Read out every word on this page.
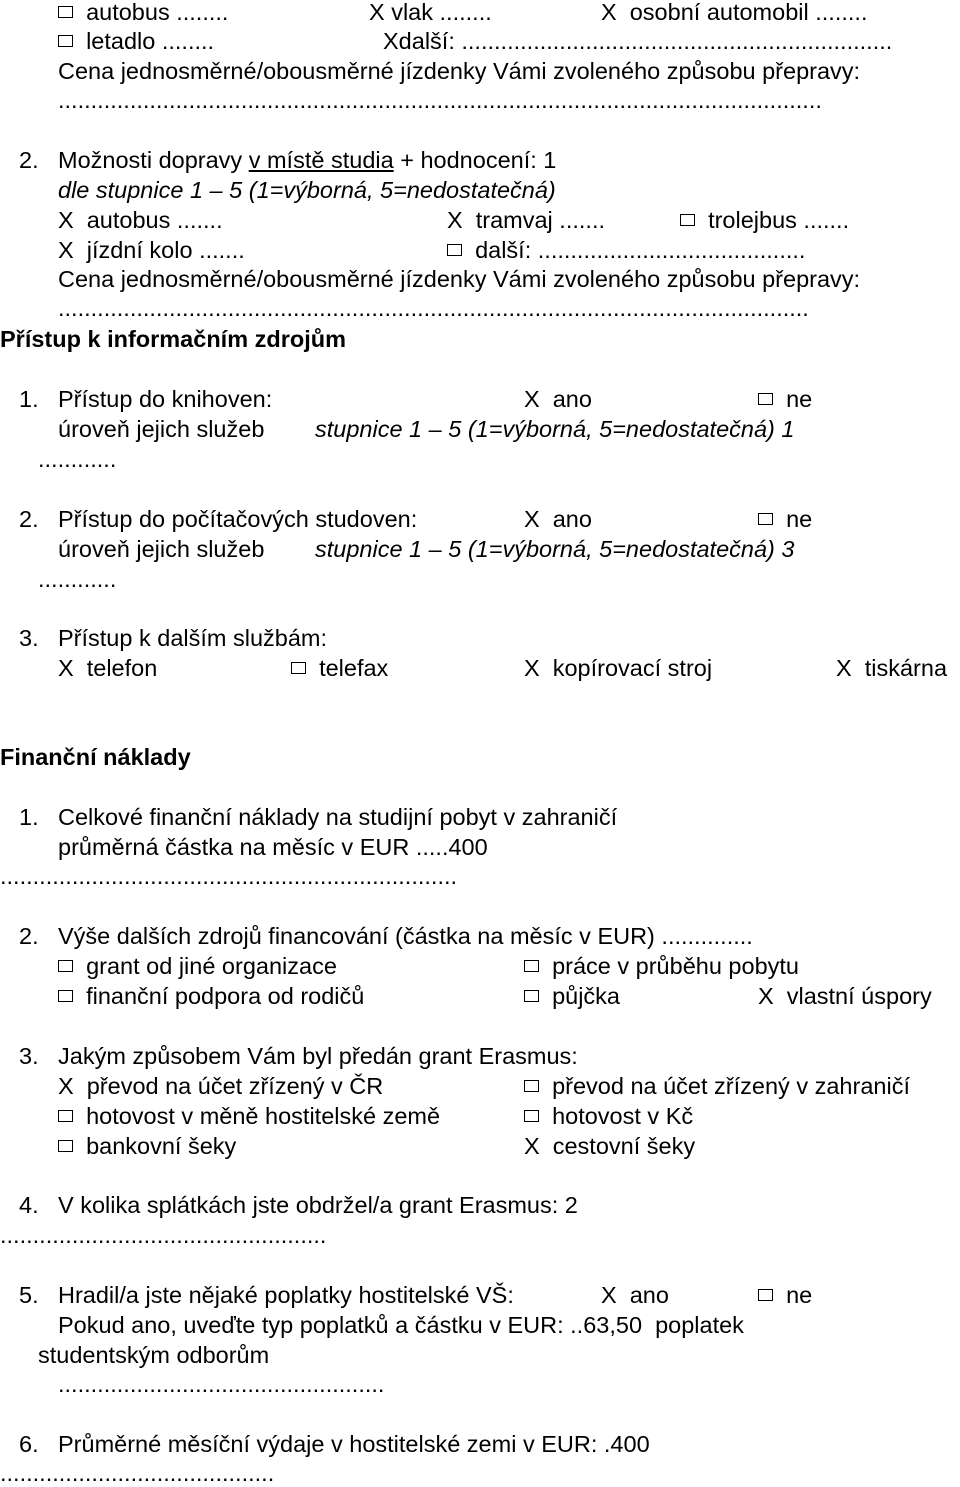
autobus ........	X vlak ........	X  osobní automobil ........
letadlo ........	Xdalší: ..................................................................
Cena jednosměrné/obousměrné jízdenky Vámi zvoleného způsobu přepravy:
.....................................................................................................................
2. Možnosti dopravy v místě studia + hodnocení: 1
dle stupnice 1 – 5 (1=výborná, 5=nedostatečná)
X  autobus .......	X  tramvaj .......	trolejbus .......
X  jízdní kolo .......	další: .........................................
Cena jednosměrné/obousměrné jízdenky Vámi zvoleného způsobu přepravy:
...................................................................................................................
Přístup k informačním zdrojům
1. Přístup do knihoven:	X  ano	ne
úroveň jejich služeb stupnice 1 – 5 (1=výborná, 5=nedostatečná) 1
............
2. Přístup do počítačových studoven:	X  ano	ne
úroveň jejich služeb stupnice 1 – 5 (1=výborná, 5=nedostatečná) 3
............
3. Přístup k dalším službám:
X  telefon	telefax	X  kopírovací stroj	X  tiskárna
Finanční náklady
1. Celkové finanční náklady na studijní pobyt v zahraničí
průměrná částka na měsíc v EUR .....400
......................................................................
2. Výše dalších zdrojů financování (částka na měsíc v EUR) ..............
grant od jiné organizace	práce v průběhu pobytu
finanční podpora od rodičů	půjčka	X  vlastní úspory
3. Jakým způsobem Vám byl předán grant Erasmus:
X  převod na účet zřízený v ČR	převod na účet zřízený v zahraničí
hotovost v měně hostitelské země	hotovost v Kč
bankovní šeky	X  cestovní šeky
4. V kolika splátkách jste obdržel/a grant Erasmus: 2
..................................................
5. Hradil/a jste nějaké poplatky hostitelské VŠ:	X  ano	ne
Pokud ano, uveďte typ poplatků a částku v EUR: ..63,50  poplatek
studentským odborům
..................................................
6. Průměrné měsíční výdaje v hostitelské zemi v EUR: .400
..........................................
